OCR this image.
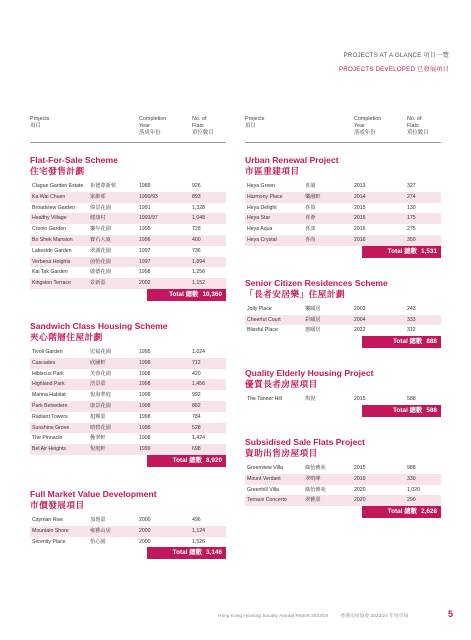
PROJECTS AT A GLANCE 項目一覽
PROJECTS DEVELOPED 已發展項目
Projects
項目
Completion
Year
落成年份
No. of
Flats
單位數目
Flat-For-Sale Scheme
住宅發售計劃
Clague Garden Estate 祈德尊新邨	1989	926
Ka Wai Chuen	家維邨	1990/93	893
Broadview Garden	偉景花園	1991	1,328
Healthy Village	健康村	1993/97	1,048
Cronin Garden	樂年花園	1995	728
Bo Shek Mansion	寶石大廈	1996	400
Lakeside Garden	翠湖花園	1997	736
Verbena Heights	茵怡花園	1997	1,894
Kai Tak Garden	啟德花園	1998	1,256
Kingston Terrace	景新臺	2002	1,152
Total 總數 10,360
Sandwich Class Housing Scheme
夾心階層住屋計劃
Tivoli Garden	宏福花園	1995	1,024
Cascades	欣圖軒	1998	712
Hibiscus Park	芙蓉花園	1998	420
Highland Park	浩景臺	1998	1,456
Marina Habitat	悅海華庭	1998	992
Park Belvedere	康景花園	1998	882
Radiant Towers	旭輝臺	1998	784
Sunshine Grove	晴碧花園	1998	528
The Pinnacle	疊翠軒	1998	1,424
Bel Air Heights	悅庭軒	1999	698
Total 總數 8,920
Full Market Value Development
市價發展項目
Cayman Rise	加惠臺	2000	496
Mountain Shore	雍雅山房	2000	1,124
Serenity Place	怡心園	2000	1,526
Total 總數 3,146
Projects
項目
Completion
Year
落成年份
No. of
Flats
單位數目
Urban Renewal Project
市區重建項目
Heya Green	喜韻	2013	327
Harmony Place	樂融軒	2014	274
Heya Delight	喜盈	2015	130
Heya Star	喜薈	2015	175
Heya Aqua	喜漾	2016	275
Heya Crystal	喜尚	2016	350
Total 總數 1,531
Senior Citizen Residences Scheme
「長者安居樂」住屋計劃
Jolly Place	樂頤居	2003	243
Cheerful Court	彩頤居	2004	333
Blissful Place	蕙頤居	2022	312
Total 總數 888
Quality Elderly Housing Project
優質長者房屋項目
The Tanner Hill	雋悅	2015	588
Total 總數 588
Subsidised Sale Flats Project
資助出售房屋項目
Greenview Villa	綠怡雅苑	2015	988
Mount Verdant	翠鳴峰	2019	330
Greenhill Villa	綠怡雅苑	2020	1,020
Terrace Concerto	翠雅臺	2020	290
Total 總數 2,628
Hong Kong Housing Society Annual Report 2023/24	香港房屋協會 2023/24 年度年報	5
